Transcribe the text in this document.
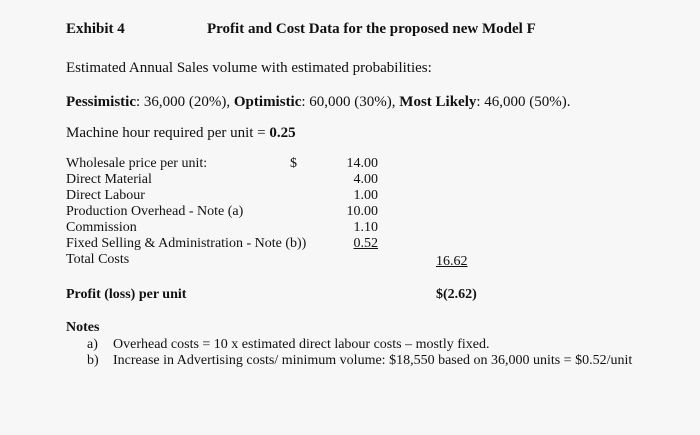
Exhibit 4	Profit and Cost Data for the proposed new Model F
Estimated Annual Sales volume with estimated probabilities:
Pessimistic: 36,000 (20%), Optimistic: 60,000 (30%), Most Likely: 46,000 (50%).
Machine hour required per unit = 0.25
$
Wholesale price per unit:	14.00
Direct Material	4.00
Direct Labour	1.00
Production Overhead - Note (a)	10.00
Commission	1.10
Fixed Selling & Administration - Note (b))	0.52
Total Costs	16.62
Profit (loss) per unit	$(2.62)
Notes
a) Overhead costs = 10 x estimated direct labour costs – mostly fixed.
b) Increase in Advertising costs/ minimum volume: $18,550 based on 36,000 units = $0.52/unit
